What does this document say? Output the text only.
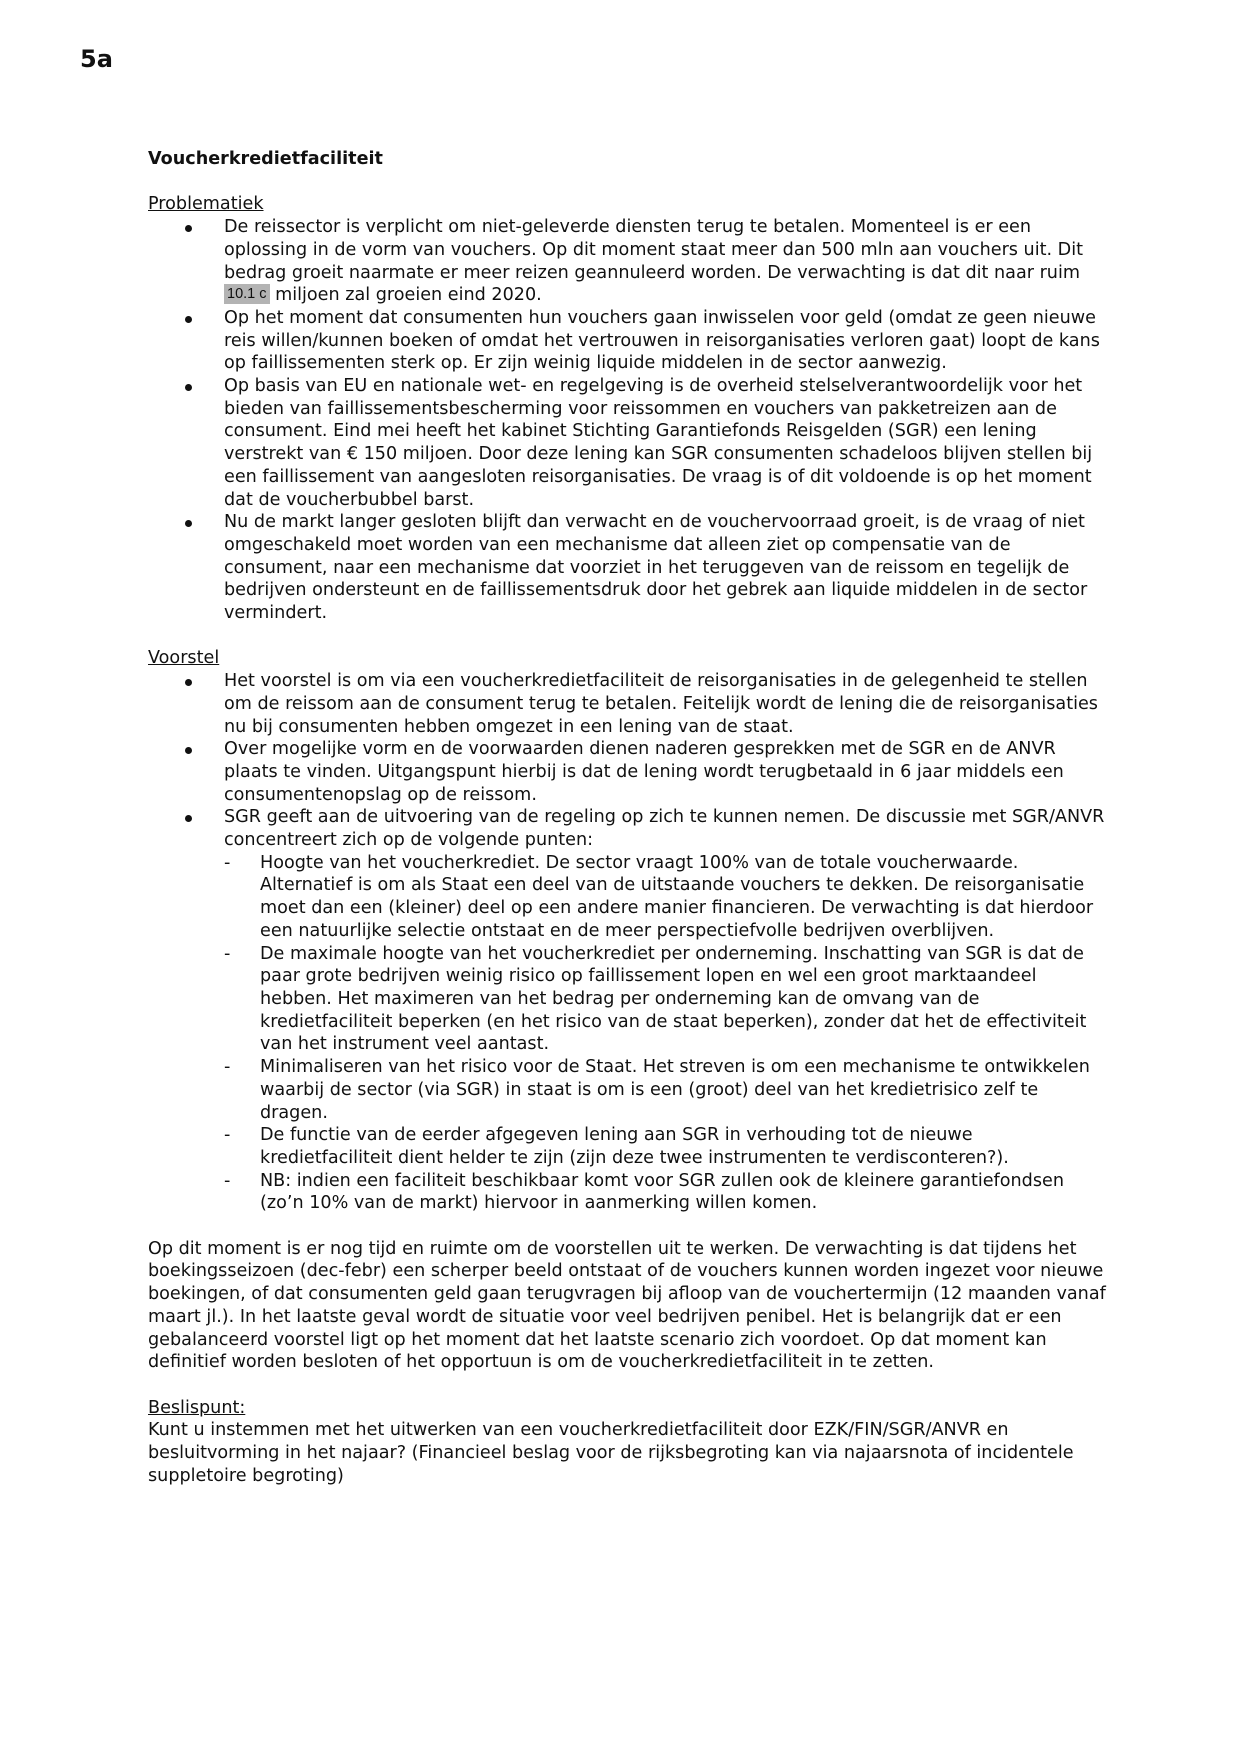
5a

Voucherkredietfaciliteit

Problematiek

De reissector is verplicht om niet-geleverde diensten terug te betalen. Momenteel is er een oplossing in de vorm van vouchers. Op dit moment staat meer dan 500 mln aan vouchers uit. Dit bedrag groeit naarmate er meer reizen geannuleerd worden. De verwachting is dat dit naar ruim 10.1 c miljoen zal groeien eind 2020.
Op het moment dat consumenten hun vouchers gaan inwisselen voor geld (omdat ze geen nieuwe reis willen/kunnen boeken of omdat het vertrouwen in reisorganisaties verloren gaat) loopt de kans op faillissementen sterk op. Er zijn weinig liquide middelen in de sector aanwezig.
Op basis van EU en nationale wet- en regelgeving is de overheid stelselverantwoordelijk voor het bieden van faillissementsbescherming voor reissommen en vouchers van pakketreizen aan de consument. Eind mei heeft het kabinet Stichting Garantiefonds Reisgelden (SGR) een lening verstrekt van € 150 miljoen. Door deze lening kan SGR consumenten schadeloos blijven stellen bij een faillissement van aangesloten reisorganisaties. De vraag is of dit voldoende is op het moment dat de voucherbubbel barst.
Nu de markt langer gesloten blijft dan verwacht en de vouchervoorraad groeit, is de vraag of niet omgeschakeld moet worden van een mechanisme dat alleen ziet op compensatie van de consument, naar een mechanisme dat voorziet in het teruggeven van de reissom en tegelijk de bedrijven ondersteunt en de faillissementsdruk door het gebrek aan liquide middelen in de sector vermindert.

Voorstel

Het voorstel is om via een voucherkredietfaciliteit de reisorganisaties in de gelegenheid te stellen om de reissom aan de consument terug te betalen. Feitelijk wordt de lening die de reisorganisaties nu bij consumenten hebben omgezet in een lening van de staat.
Over mogelijke vorm en de voorwaarden dienen naderen gesprekken met de SGR en de ANVR plaats te vinden. Uitgangspunt hierbij is dat de lening wordt terugbetaald in 6 jaar middels een consumentenopslag op de reissom.
SGR geeft aan de uitvoering van de regeling op zich te kunnen nemen. De discussie met SGR/ANVR concentreert zich op de volgende punten:
- Hoogte van het voucherkrediet. De sector vraagt 100% van de totale voucherwaarde. Alternatief is om als Staat een deel van de uitstaande vouchers te dekken. De reisorganisatie moet dan een (kleiner) deel op een andere manier financieren. De verwachting is dat hierdoor een natuurlijke selectie ontstaat en de meer perspectiefvolle bedrijven overblijven.
- De maximale hoogte van het voucherkrediet per onderneming. Inschatting van SGR is dat de paar grote bedrijven weinig risico op faillissement lopen en wel een groot marktaandeel hebben. Het maximeren van het bedrag per onderneming kan de omvang van de kredietfaciliteit beperken (en het risico van de staat beperken), zonder dat het de effectiviteit van het instrument veel aantast.
- Minimaliseren van het risico voor de Staat. Het streven is om een mechanisme te ontwikkelen waarbij de sector (via SGR) in staat is om is een (groot) deel van het kredietrisico zelf te dragen.
- De functie van de eerder afgegeven lening aan SGR in verhouding tot de nieuwe kredietfaciliteit dient helder te zijn (zijn deze twee instrumenten te verdisconteren?).
- NB: indien een faciliteit beschikbaar komt voor SGR zullen ook de kleinere garantiefondsen (zo’n 10% van de markt) hiervoor in aanmerking willen komen.

Op dit moment is er nog tijd en ruimte om de voorstellen uit te werken. De verwachting is dat tijdens het boekingsseizoen (dec-febr) een scherper beeld ontstaat of de vouchers kunnen worden ingezet voor nieuwe boekingen, of dat consumenten geld gaan terugvragen bij afloop van de vouchertermijn (12 maanden vanaf maart jl.). In het laatste geval wordt de situatie voor veel bedrijven penibel. Het is belangrijk dat er een gebalanceerd voorstel ligt op het moment dat het laatste scenario zich voordoet. Op dat moment kan definitief worden besloten of het opportuun is om de voucherkredietfaciliteit in te zetten.

Beslispunt:

Kunt u instemmen met het uitwerken van een voucherkredietfaciliteit door EZK/FIN/SGR/ANVR en besluitvorming in het najaar? (Financieel beslag voor de rijksbegroting kan via najaarsnota of incidentele suppletoire begroting)
